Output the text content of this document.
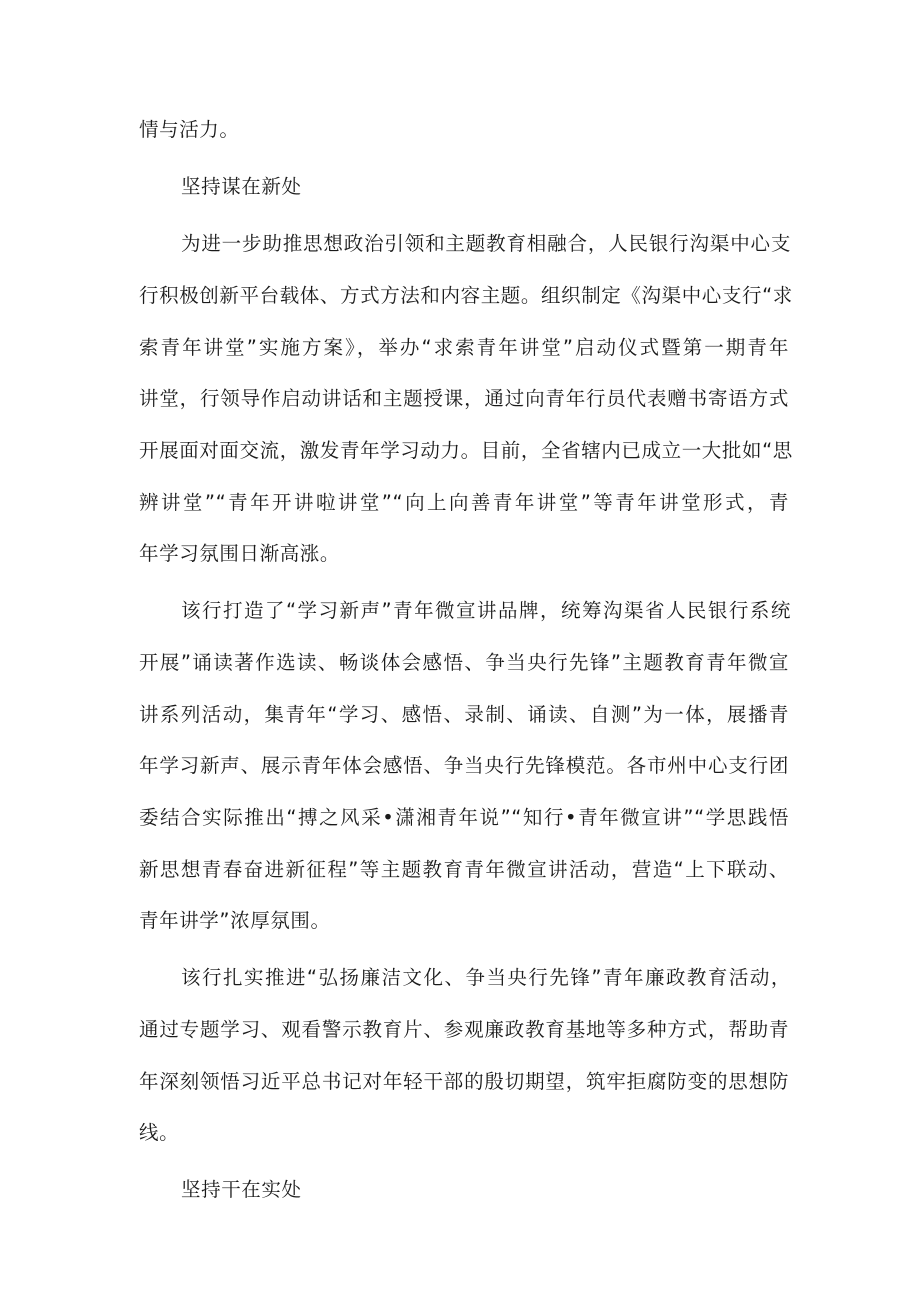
情与活力。
坚持谋在新处
为进一步助推思想政治引领和主题教育相融合，人民银行沟渠中心支
行积极创新平台载体、方式方法和内容主题。组织制定《沟渠中心支行“求
索青年讲堂”实施方案》，举办“求索青年讲堂”启动仪式暨第一期青年
讲堂，行领导作启动讲话和主题授课，通过向青年行员代表赠书寄语方式
开展面对面交流，激发青年学习动力。目前，全省辖内已成立一大批如“思
辨讲堂”“青年开讲啦讲堂”“向上向善青年讲堂”等青年讲堂形式，青
年学习氛围日渐高涨。
该行打造了“学习新声”青年微宣讲品牌，统筹沟渠省人民银行系统
开展”诵读著作选读、畅谈体会感悟、争当央行先锋”主题教育青年微宣
讲系列活动，集青年“学习、感悟、录制、诵读、自测”为一体，展播青
年学习新声、展示青年体会感悟、争当央行先锋模范。各市州中心支行团
委结合实际推出“搏之风采•潇湘青年说”“知行•青年微宣讲”“学思践悟
新思想青春奋进新征程”等主题教育青年微宣讲活动，营造“上下联动、
青年讲学”浓厚氛围。
该行扎实推进“弘扬廉洁文化、争当央行先锋”青年廉政教育活动，
通过专题学习、观看警示教育片、参观廉政教育基地等多种方式，帮助青
年深刻领悟习近平总书记对年轻干部的殷切期望，筑牢拒腐防变的思想防
线。
坚持干在实处
